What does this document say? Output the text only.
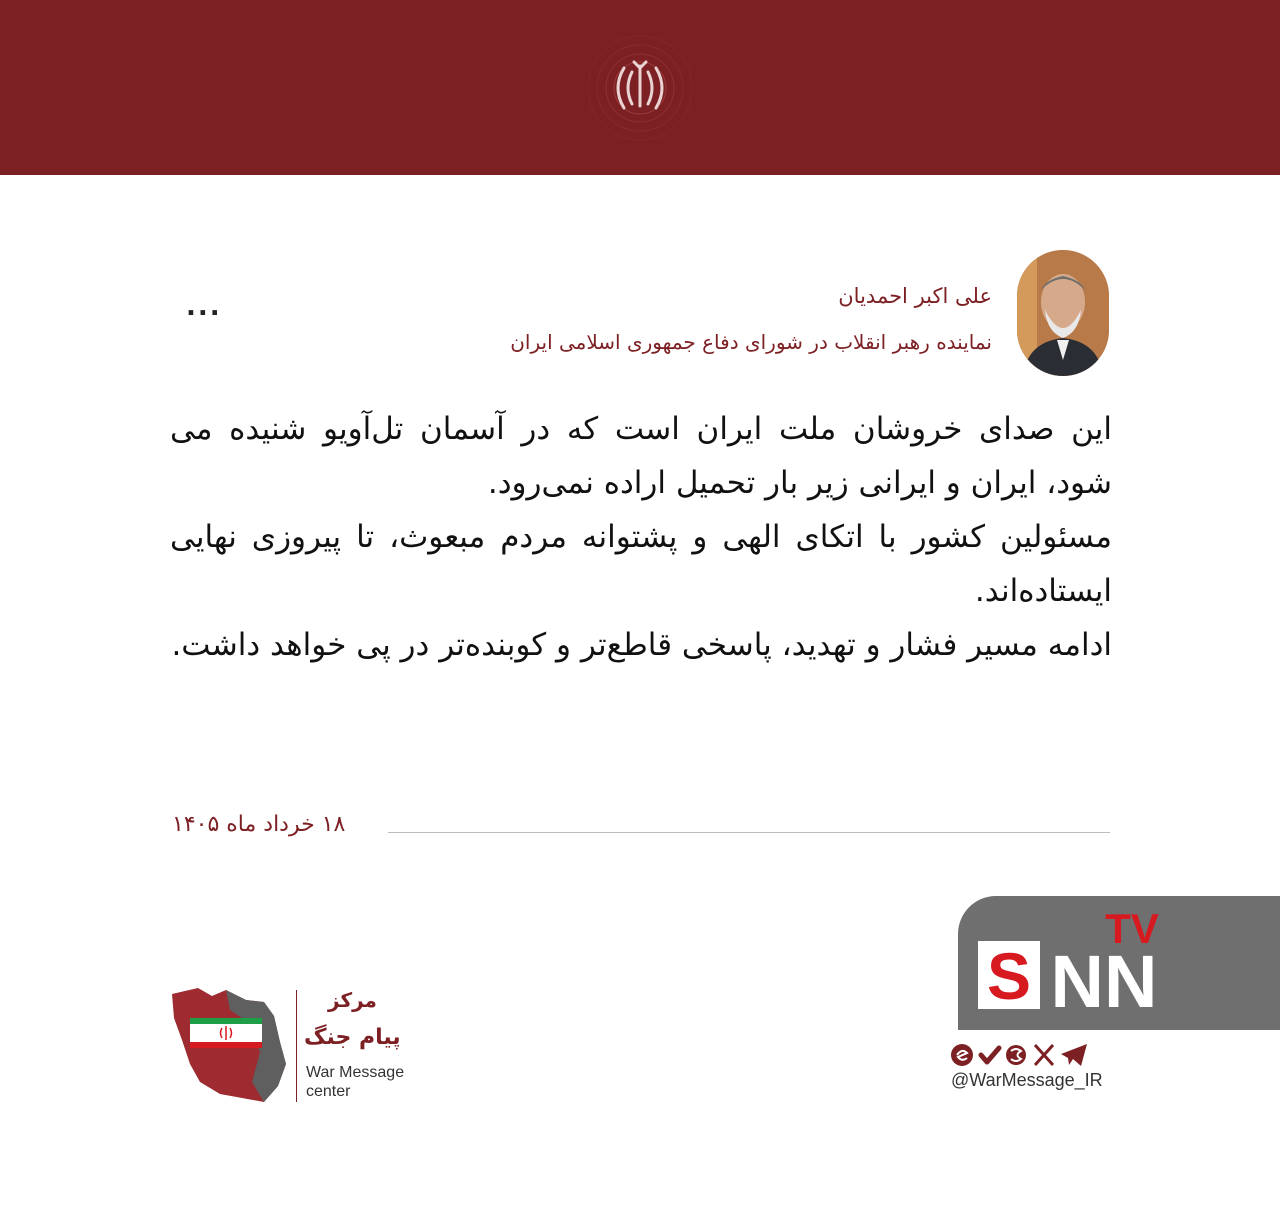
علی اکبر احمدیان
نماینده رهبر انقلاب در شورای دفاع جمهوری اسلامی ایران
...

این صدای خروشان ملت ایران است که در آسمان تل‌آویو شنیده می شود، ایران و ایرانی زیر بار تحمیل اراده نمی‌رود.

مسئولین کشور با اتکای الهی و پشتوانه مردم مبعوث، تا پیروزی نهایی ایستاده‌اند.

ادامه مسیر فشار و تهدید، پاسخی قاطع‌تر و کوبنده‌تر در پی خواهد داشت.

۱۸ خرداد ماه ۱۴۰۵
S NN
TV
@WarMessage_IR
مرکز
پیام جنگ
War Message
center
